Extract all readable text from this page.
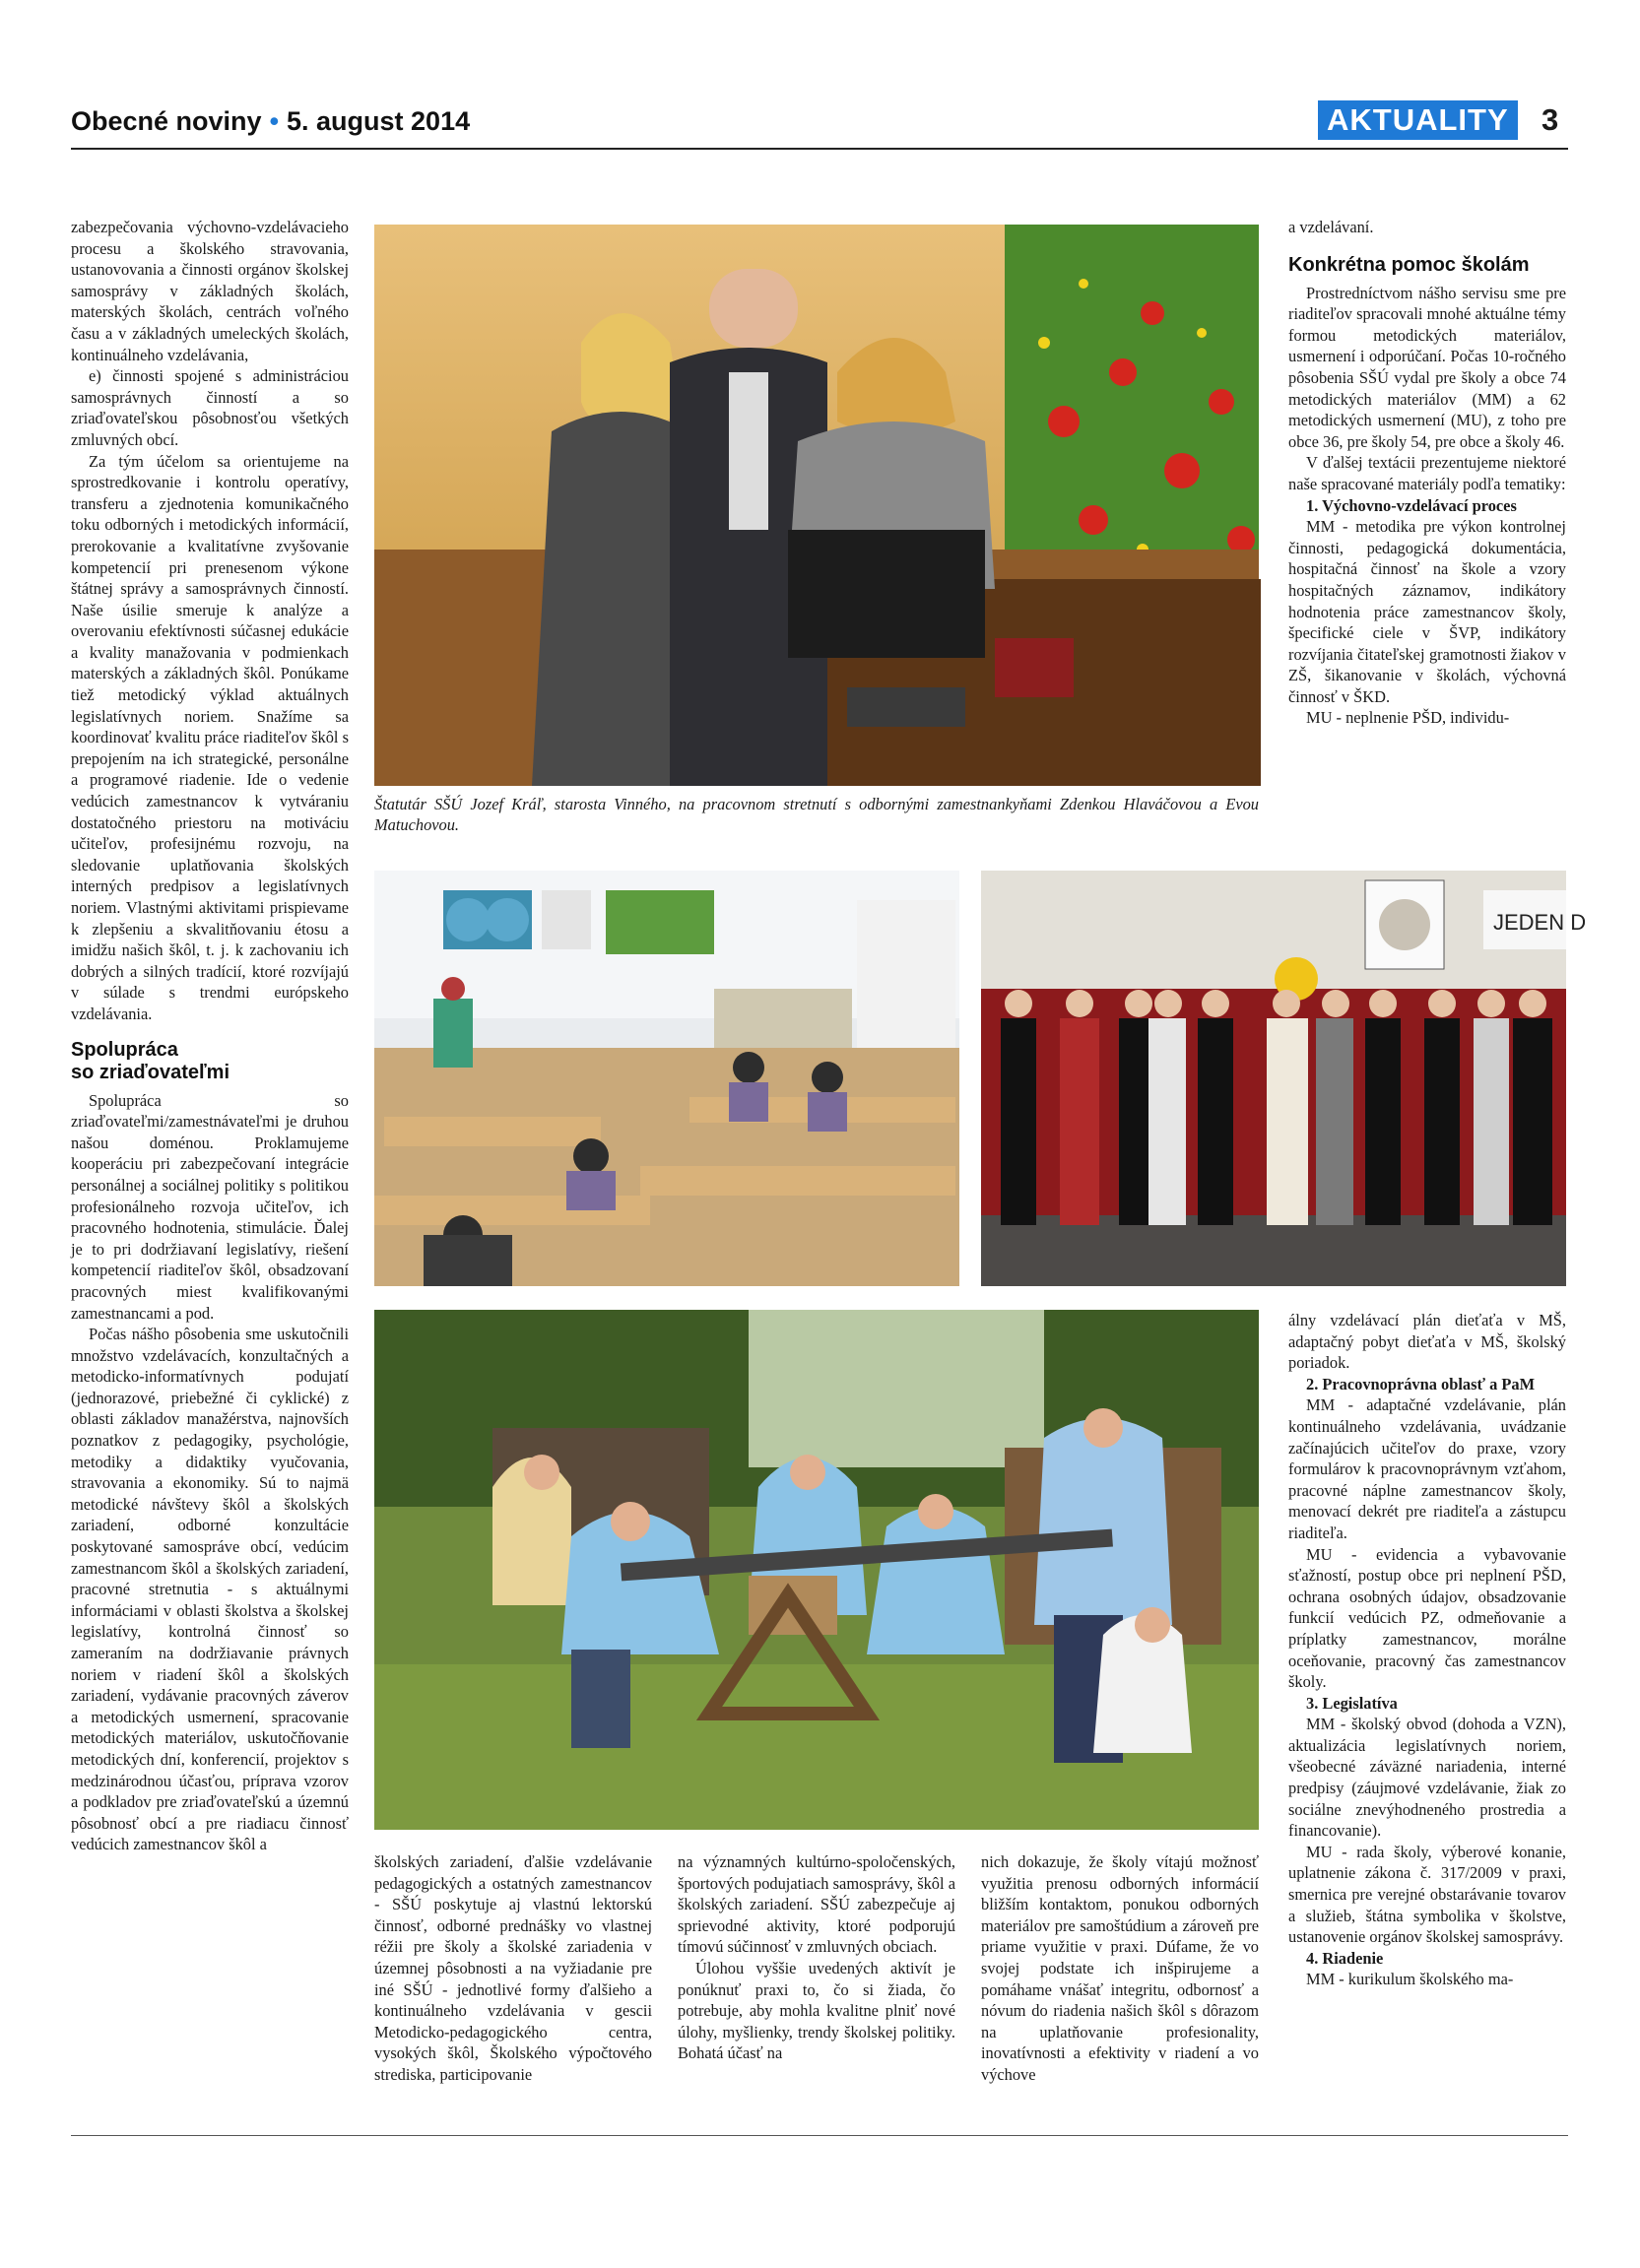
Obecné noviny • 5. august 2014	AKTUALITY 3

zabezpečovania výchovno-vzdelávacieho procesu a školského stravovania, ustanovovania a činnosti orgánov školskej samosprávy v základných školách, materských školách, centrách voľného času a v základných umeleckých školách, kontinuálneho vzdelávania,

e) činnosti spojené s administráciou samosprávnych činností a so zriaďovateľskou pôsobnosťou všetkých zmluvných obcí.

Za tým účelom sa orientujeme na sprostredkovanie i kontrolu operatívy, transferu a zjednotenia komunikačného toku odborných i metodických informácií, prerokovanie a kvalitatívne zvyšovanie kompetencií pri prenesenom výkone štátnej správy a samosprávnych činností. Naše úsilie smeruje k analýze a overovaniu efektívnosti súčasnej edukácie a kvality manažovania v podmienkach materských a základných škôl. Ponúkame tiež metodický výklad aktuálnych legislatívnych noriem. Snažíme sa koordinovať kvalitu práce riaditeľov škôl s prepojením na ich strategické, personálne a programové riadenie. Ide o vedenie vedúcich zamestnancov k vytváraniu dostatočného priestoru na motiváciu učiteľov, profesijnému rozvoju, na sledovanie uplatňovania školských interných predpisov a legislatívnych noriem. Vlastnými aktivitami prispievame k zlepšeniu a skvalitňovaniu étosu a imidžu našich škôl, t. j. k zachovaniu ich dobrých a silných tradícií, ktoré rozvíjajú v súlade s trendmi európskeho vzdelávania.

Spolupráca
so zriaďovateľmi

Spolupráca so zriaďovateľmi/zamestnávateľmi je druhou našou doménou. Proklamujeme kooperáciu pri zabezpečovaní integrácie personálnej a sociálnej politiky s politikou profesionálneho rozvoja učiteľov, ich pracovného hodnotenia, stimulácie. Ďalej je to pri dodržiavaní legislatívy, riešení kompetencií riaditeľov škôl, obsadzovaní pracovných miest kvalifikovanými zamestnancami a pod.

Počas nášho pôsobenia sme uskutočnili množstvo vzdelávacích, konzultačných a metodicko-informatívnych podujatí (jednorazové, priebežné či cyklické) z oblasti základov manažérstva, najnovších poznatkov z pedagogiky, psychológie, metodiky a didaktiky vyučovania, stravovania a ekonomiky. Sú to najmä metodické návštevy škôl a školských zariadení, odborné konzultácie poskytované samospráve obcí, vedúcim zamestnancom škôl a školských zariadení, pracovné stretnutia - s aktuálnymi informáciami v oblasti školstva a školskej legislatívy, kontrolná činnosť so zameraním na dodržiavanie právnych noriem v riadení škôl a školských zariadení, vydávanie pracovných záverov a metodických usmernení, spracovanie metodických materiálov, uskutočňovanie metodických dní, konferencií, projektov s medzinárodnou účasťou, príprava vzorov a podkladov pre zriaďovateľskú a územnú pôsobnosť obcí a pre riadiacu činnosť vedúcich zamestnancov škôl a

Štatutár SŠÚ Jozef Kráľ, starosta Vinného, na pracovnom stretnutí s odbornými zamestnankyňami Zdenkou Hlaváčovou a Evou Matuchovou.

a vzdelávaní.

Konkrétna pomoc školám

Prostredníctvom nášho servisu sme pre riaditeľov spracovali mnohé aktuálne témy formou metodických materiálov, usmernení i odporúčaní. Počas 10-ročného pôsobenia SŠÚ vydal pre školy a obce 74 metodických materiálov (MM) a 62 metodických usmernení (MU), z toho pre obce 36, pre školy 54, pre obce a školy 46.

V ďalšej textácii prezentujeme niektoré naše spracované materiály podľa tematiky:

1. Výchovno-vzdelávací proces

MM - metodika pre výkon kontrolnej činnosti, pedagogická dokumentácia, hospitačná činnosť na škole a vzory hospitačných záznamov, indikátory hodnotenia práce zamestnancov školy, špecifické ciele v ŠVP, indikátory rozvíjania čitateľskej gramotnosti žiakov v ZŠ, šikanovanie v školách, výchovná činnosť v ŠKD.

MU - neplnenie PŠD, individu-

JEDEN D

školských zariadení, ďalšie vzdelávanie pedagogických a ostatných zamestnancov - SŠÚ poskytuje aj vlastnú lektorskú činnosť, odborné prednášky vo vlastnej réžii pre školy a školské zariadenia v územnej pôsobnosti a na vyžiadanie pre iné SŠÚ - jednotlivé formy ďalšieho a kontinuálneho vzdelávania v gescii Metodicko-pedagogického centra, vysokých škôl, Školského výpočtového strediska, participovanie

na významných kultúrno-spoločenských, športových podujatiach samosprávy, škôl a školských zariadení. SŠÚ zabezpečuje aj sprievodné aktivity, ktoré podporujú tímovú súčinnosť v zmluvných obciach.

Úlohou vyššie uvedených aktivít je ponúknuť praxi to, čo si žiada, čo potrebuje, aby mohla kvalitne plniť nové úlohy, myšlienky, trendy školskej politiky. Bohatá účasť na

nich dokazuje, že školy vítajú možnosť využitia prenosu odborných informácií bližším kontaktom, ponukou odborných materiálov pre samoštúdium a zároveň pre priame využitie v praxi. Dúfame, že vo svojej podstate ich inšpirujeme a pomáhame vnášať integritu, odbornosť a nóvum do riadenia našich škôl s dôrazom na uplatňovanie profesionality, inovatívnosti a efektivity v riadení a vo výchove

álny vzdelávací plán dieťaťa v MŠ, adaptačný pobyt dieťaťa v MŠ, školský poriadok.

2. Pracovnoprávna oblasť a PaM

MM - adaptačné vzdelávanie, plán kontinuálneho vzdelávania, uvádzanie začínajúcich učiteľov do praxe, vzory formulárov k pracovnoprávnym vzťahom, pracovné náplne zamestnancov školy, menovací dekrét pre riaditeľa a zástupcu riaditeľa.

MU - evidencia a vybavovanie sťažností, postup obce pri neplnení PŠD, ochrana osobných údajov, obsadzovanie funkcií vedúcich PZ, odmeňovanie a príplatky zamestnancov, morálne oceňovanie, pracovný čas zamestnancov školy.

3. Legislatíva

MM - školský obvod (dohoda a VZN), aktualizácia legislatívnych noriem, všeobecné záväzné nariadenia, interné predpisy (záujmové vzdelávanie, žiak zo sociálne znevýhodneného prostredia a financovanie).

MU - rada školy, výberové konanie, uplatnenie zákona č. 317/2009 v praxi, smernica pre verejné obstarávanie tovarov a služieb, štátna symbolika v školstve, ustanovenie orgánov školskej samosprávy.

4. Riadenie

MM - kurikulum školského ma-
